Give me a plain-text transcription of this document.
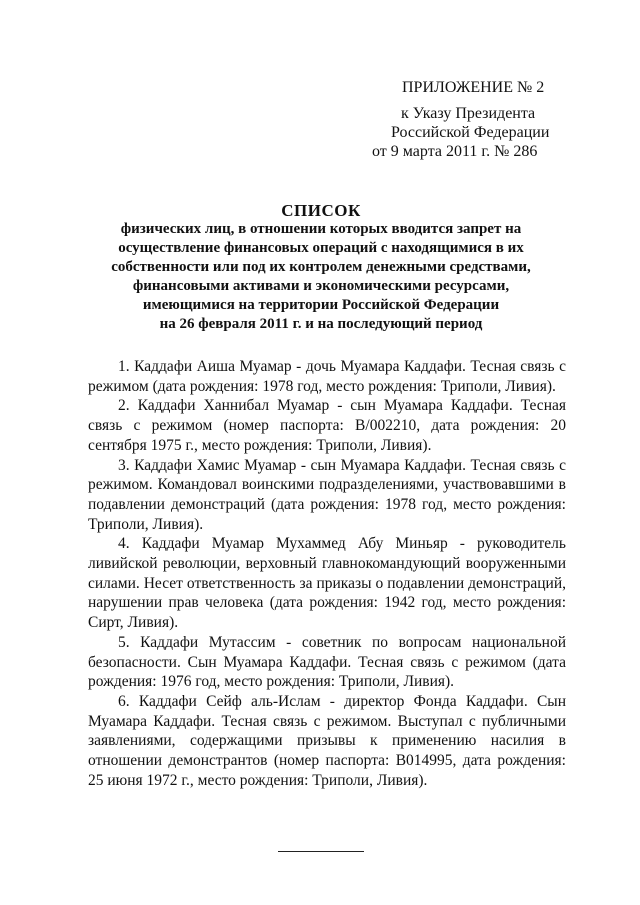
ПРИЛОЖЕНИЕ № 2
к Указу Президента
Российской Федерации
от 9 марта 2011 г. № 286
СПИСОК
физических лиц, в отношении которых вводится запрет на
осуществление финансовых операций с находящимися в их
собственности или под их контролем денежными средствами,
финансовыми активами и экономическими ресурсами,
имеющимися на территории Российской Федерации
на 26 февраля 2011 г. и на последующий период

1. Каддафи Аиша Муамар - дочь Муамара Каддафи. Тесная связь с режимом (дата рождения: 1978 год, место рождения: Триполи, Ливия).

2. Каддафи Ханнибал Муамар - сын Муамара Каддафи. Тесная связь с режимом (номер паспорта: B/002210, дата рождения: 20 сентября 1975 г., место рождения: Триполи, Ливия).

3. Каддафи Хамис Муамар - сын Муамара Каддафи. Тесная связь с режимом. Командовал воинскими подразделениями, участвовавшими в подавлении демонстраций (дата рождения: 1978 год, место рождения: Триполи, Ливия).

4. Каддафи Муамар Мухаммед Абу Миньяр - руководитель ливийской революции, верховный главнокомандующий вооруженными силами. Несет ответственность за приказы о подавлении демонстраций, нарушении прав человека (дата рождения: 1942 год, место рождения: Сирт, Ливия).

5. Каддафи Мутассим - советник по вопросам национальной безопасности. Сын Муамара Каддафи. Тесная связь с режимом (дата рождения: 1976 год, место рождения: Триполи, Ливия).

6. Каддафи Сейф аль-Ислам - директор Фонда Каддафи. Сын Муамара Каддафи. Тесная связь с режимом. Выступал с публичными заявлениями, содержащими призывы к применению насилия в отношении демонстрантов (номер паспорта: B014995, дата рождения: 25 июня 1972 г., место рождения: Триполи, Ливия).
